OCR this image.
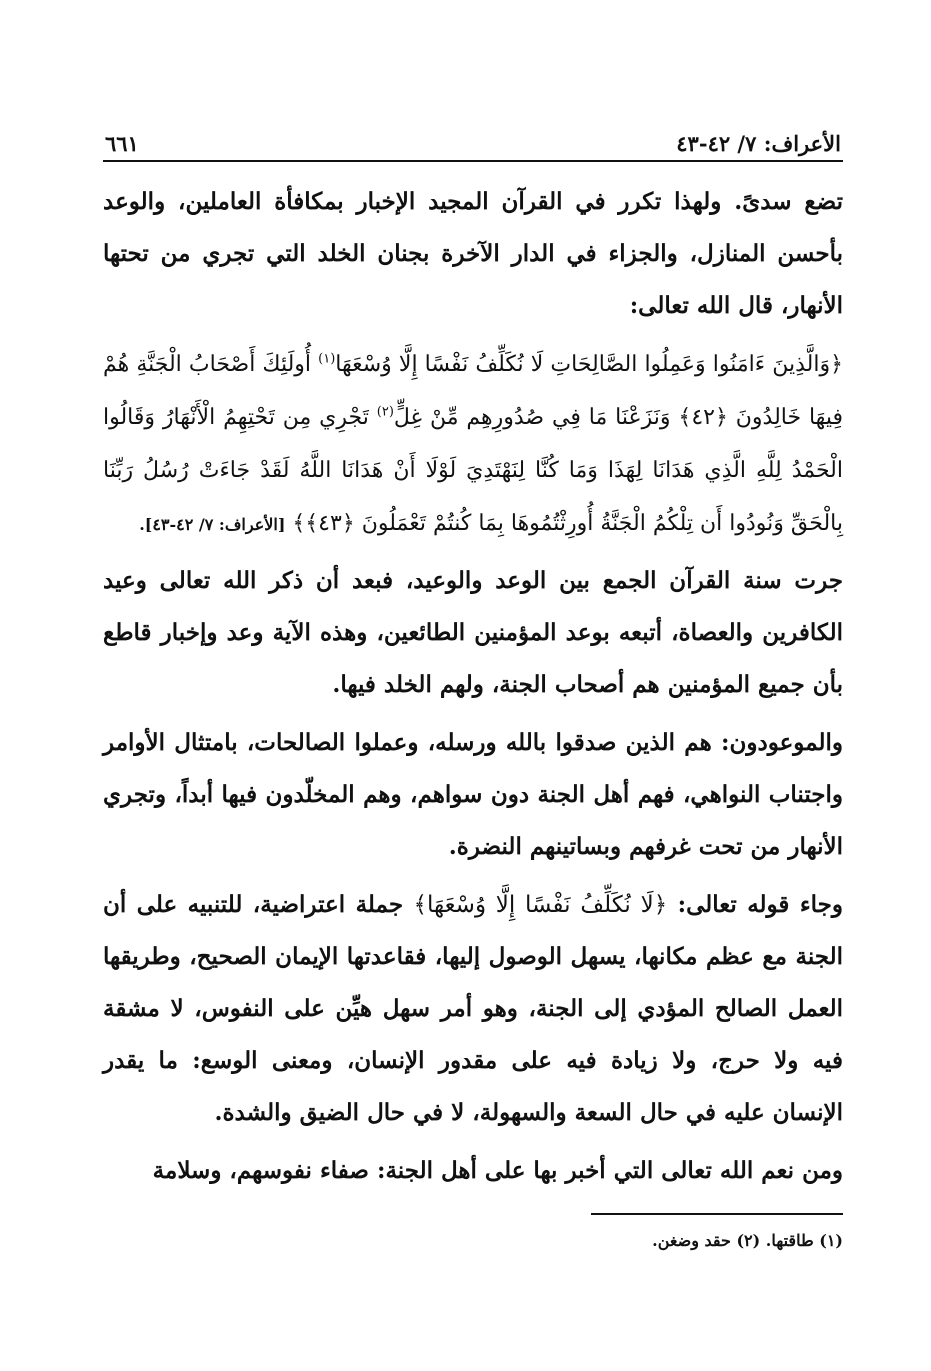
الأعراف: ٧/ ٤٢-٤٣
٦٦١

تضع سدىً. ولهذا تكرر في القرآن المجيد الإخبار بمكافأة العاملين، والوعد بأحسن المنازل، والجزاء في الدار الآخرة بجنان الخلد التي تجري من تحتها الأنهار، قال الله تعالى:

﴿وَالَّذِينَ ءَامَنُوا وَعَمِلُوا الصَّالِحَاتِ لَا نُكَلِّفُ نَفْسًا إِلَّا وُسْعَهَا$^{(١)}$ أُولَئِكَ أَصْحَابُ الْجَنَّةِ هُمْ فِيهَا خَالِدُونَ ﴿٤٢﴾ وَنَزَعْنَا مَا فِي صُدُورِهِم مِّنْ غِلٍّ$^{(٢)}$ تَجْرِي مِن تَحْتِهِمُ الْأَنْهَارُ وَقَالُوا الْحَمْدُ لِلَّهِ الَّذِي هَدَانَا لِهَذَا وَمَا كُنَّا لِنَهْتَدِيَ لَوْلَا أَنْ هَدَانَا اللَّهُ لَقَدْ جَاءَتْ رُسُلُ رَبِّنَا بِالْحَقِّ وَنُودُوا أَن تِلْكُمُ الْجَنَّةُ أُورِثْتُمُوهَا بِمَا كُنتُمْ تَعْمَلُونَ ﴿٤٣﴾﴾ [الأعراف: ٧/ ٤٢-٤٣].

جرت سنة القرآن الجمع بين الوعد والوعيد، فبعد أن ذكر الله تعالى وعيد الكافرين والعصاة، أتبعه بوعد المؤمنين الطائعين، وهذه الآية وعد وإخبار قاطع بأن جميع المؤمنين هم أصحاب الجنة، ولهم الخلد فيها.

والموعودون: هم الذين صدقوا بالله ورسله، وعملوا الصالحات، بامتثال الأوامر واجتناب النواهي، فهم أهل الجنة دون سواهم، وهم المخلّدون فيها أبداً، وتجري الأنهار من تحت غرفهم وبساتينهم النضرة.

وجاء قوله تعالى: ﴿لَا نُكَلِّفُ نَفْسًا إِلَّا وُسْعَهَا﴾ جملة اعتراضية، للتنبيه على أن الجنة مع عظم مكانها، يسهل الوصول إليها، فقاعدتها الإيمان الصحيح، وطريقها العمل الصالح المؤدي إلى الجنة، وهو أمر سهل هيِّن على النفوس، لا مشقة فيه ولا حرج، ولا زيادة فيه على مقدور الإنسان، ومعنى الوسع: ما يقدر الإنسان عليه في حال السعة والسهولة، لا في حال الضيق والشدة.

ومن نعم الله تعالى التي أخبر بها على أهل الجنة: صفاء نفوسهم، وسلامة

(١) طاقتها. (٢) حقد وضغن.
